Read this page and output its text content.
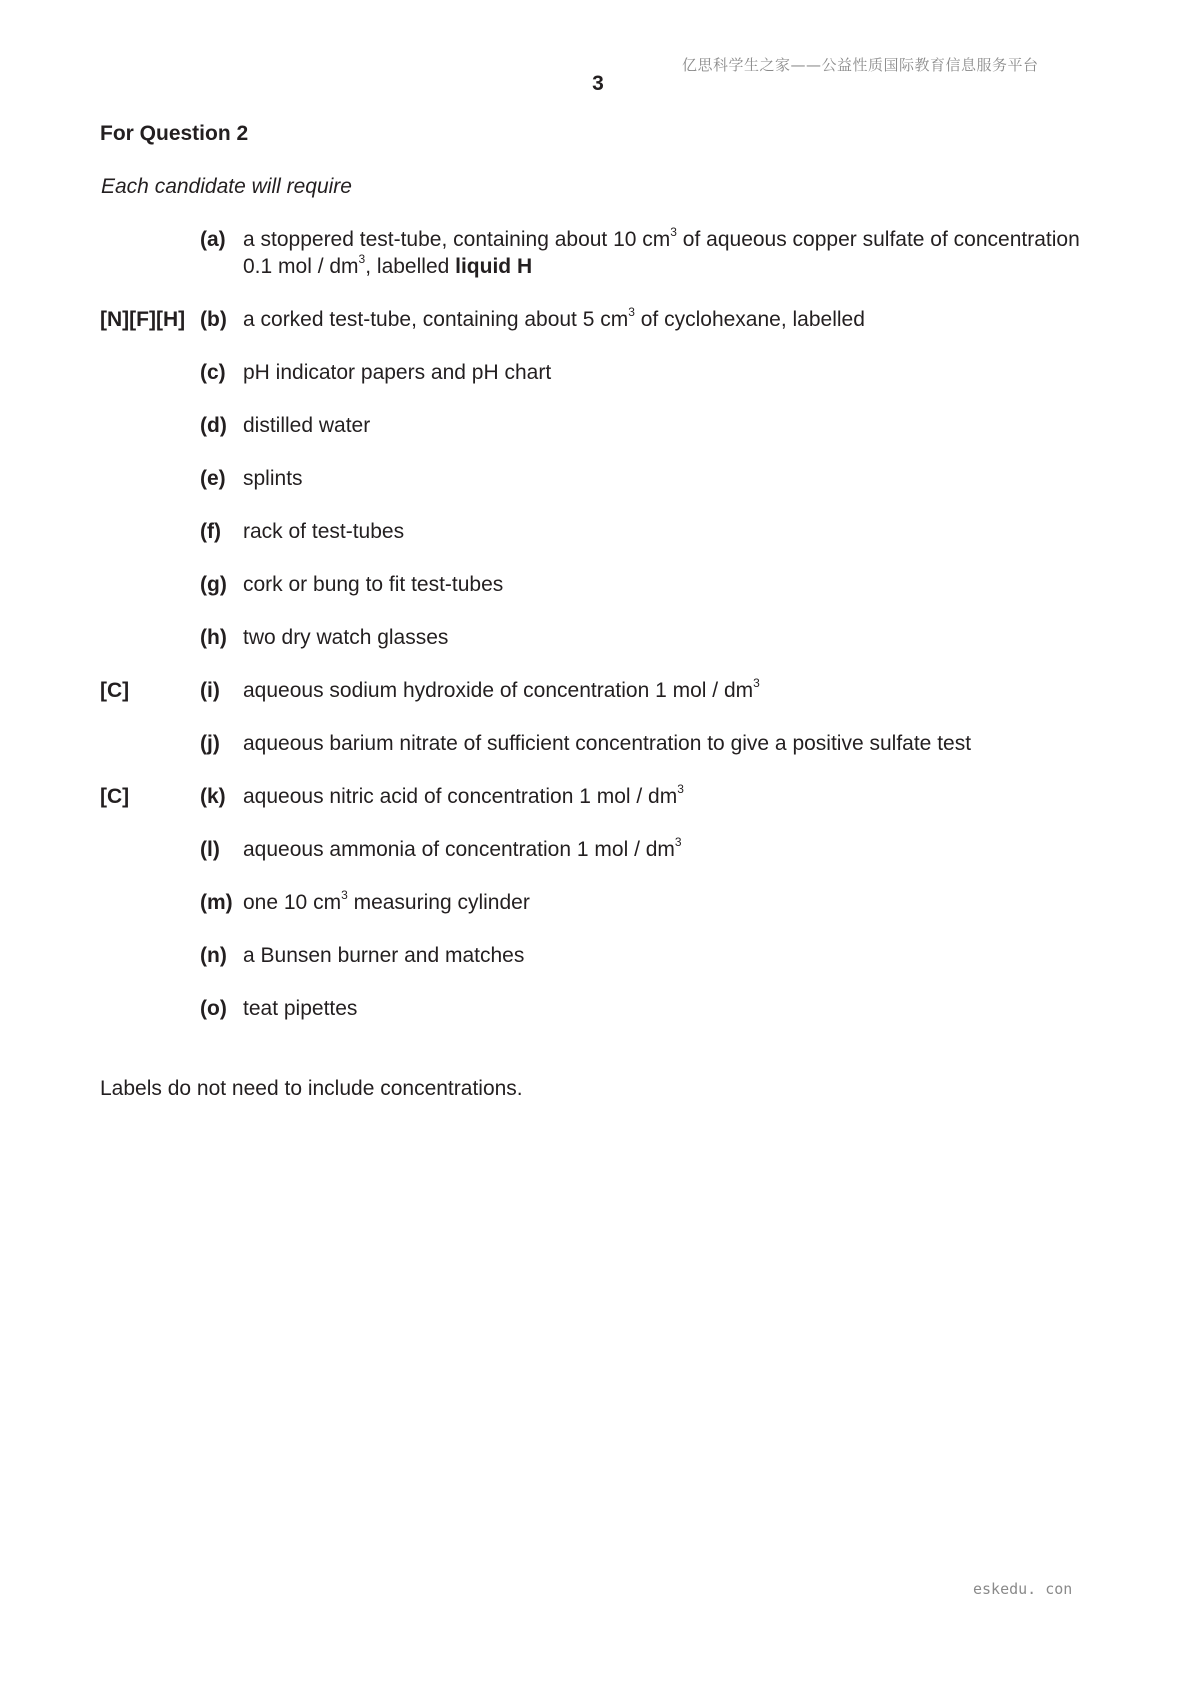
亿思科学生之家——公益性质国际教育信息服务平台
3
For Question 2
Each candidate will require
(a) a stoppered test-tube, containing about 10 $cm^3$ of aqueous copper sulfate of concentration 0.1 mol / $dm^3$, labelled liquid H
[N][F][H] (b) a corked test-tube, containing about 5 $cm^3$ of cyclohexane, labelled
(c) pH indicator papers and pH chart
(d) distilled water
(e) splints
(f) rack of test-tubes
(g) cork or bung to fit test-tubes
(h) two dry watch glasses
[C]	(i) aqueous sodium hydroxide of concentration 1 mol / $dm^3$
(j) aqueous barium nitrate of sufficient concentration to give a positive sulfate test
[C]	(k) aqueous nitric acid of concentration 1 mol / $dm^3$
(l) aqueous ammonia of concentration 1 mol / $dm^3$
(m) one 10 $cm^3$ measuring cylinder
(n) a Bunsen burner and matches
(o) teat pipettes
Labels do not need to include concentrations.
eskedu. con
